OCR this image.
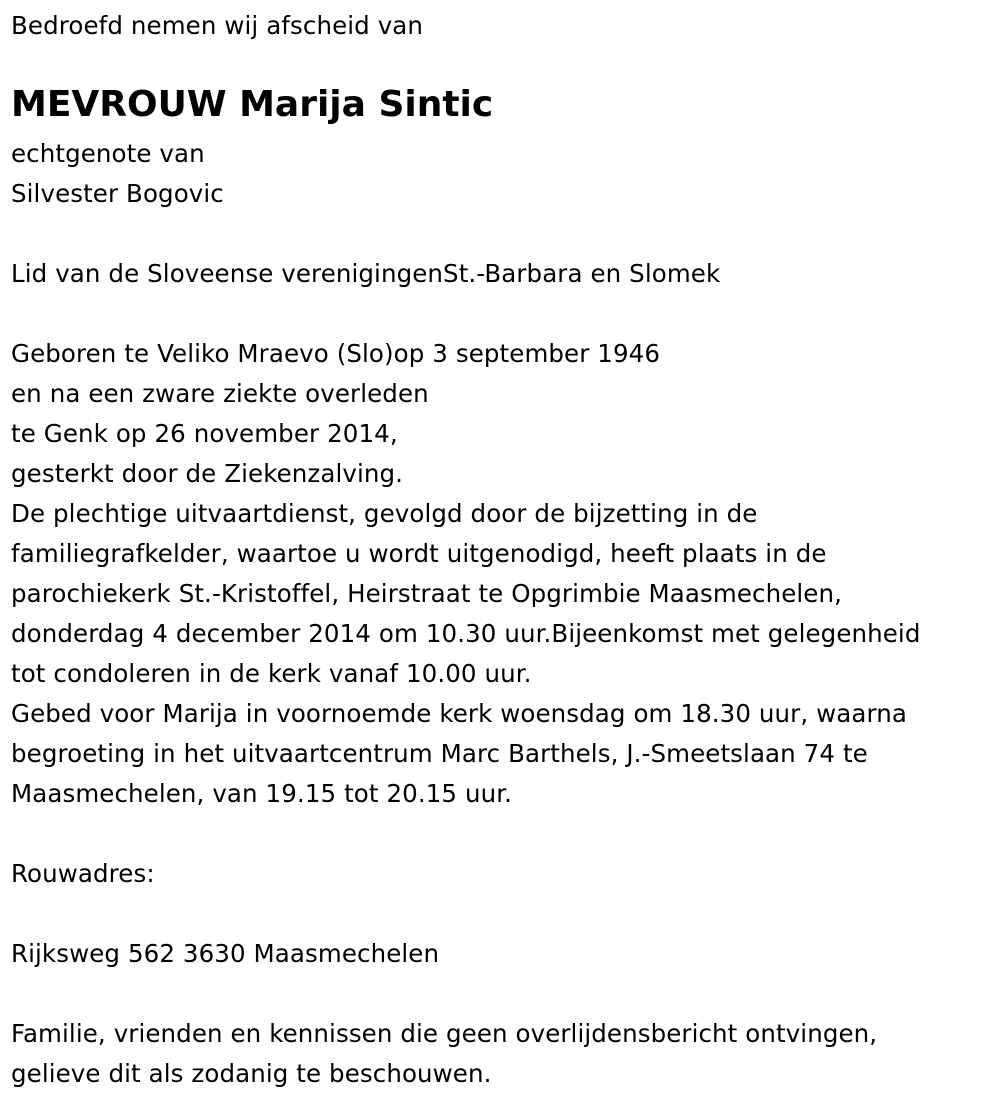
Bedroefd nemen wij afscheid van
MEVROUW Marija Sintic
echtgenote van
Silvester Bogovic
Lid van de Sloveense verenigingenSt.-Barbara en Slomek
Geboren te Veliko Mraevo (Slo)op 3 september 1946
en na een zware ziekte overleden
te Genk op 26 november 2014,
gesterkt door de Ziekenzalving.
De plechtige uitvaartdienst, gevolgd door de bijzetting in de
familiegrafkelder, waartoe u wordt uitgenodigd, heeft plaats in de
parochiekerk St.-Kristoffel, Heirstraat te Opgrimbie Maasmechelen,
donderdag 4 december 2014 om 10.30 uur.Bijeenkomst met gelegenheid
tot condoleren in de kerk vanaf 10.00 uur.
Gebed voor Marija in voornoemde kerk woensdag om 18.30 uur, waarna
begroeting in het uitvaartcentrum Marc Barthels, J.-Smeetslaan 74 te
Maasmechelen, van 19.15 tot 20.15 uur.
Rouwadres:
Rijksweg 562 3630 Maasmechelen
Familie, vrienden en kennissen die geen overlijdensbericht ontvingen,
gelieve dit als zodanig te beschouwen.
